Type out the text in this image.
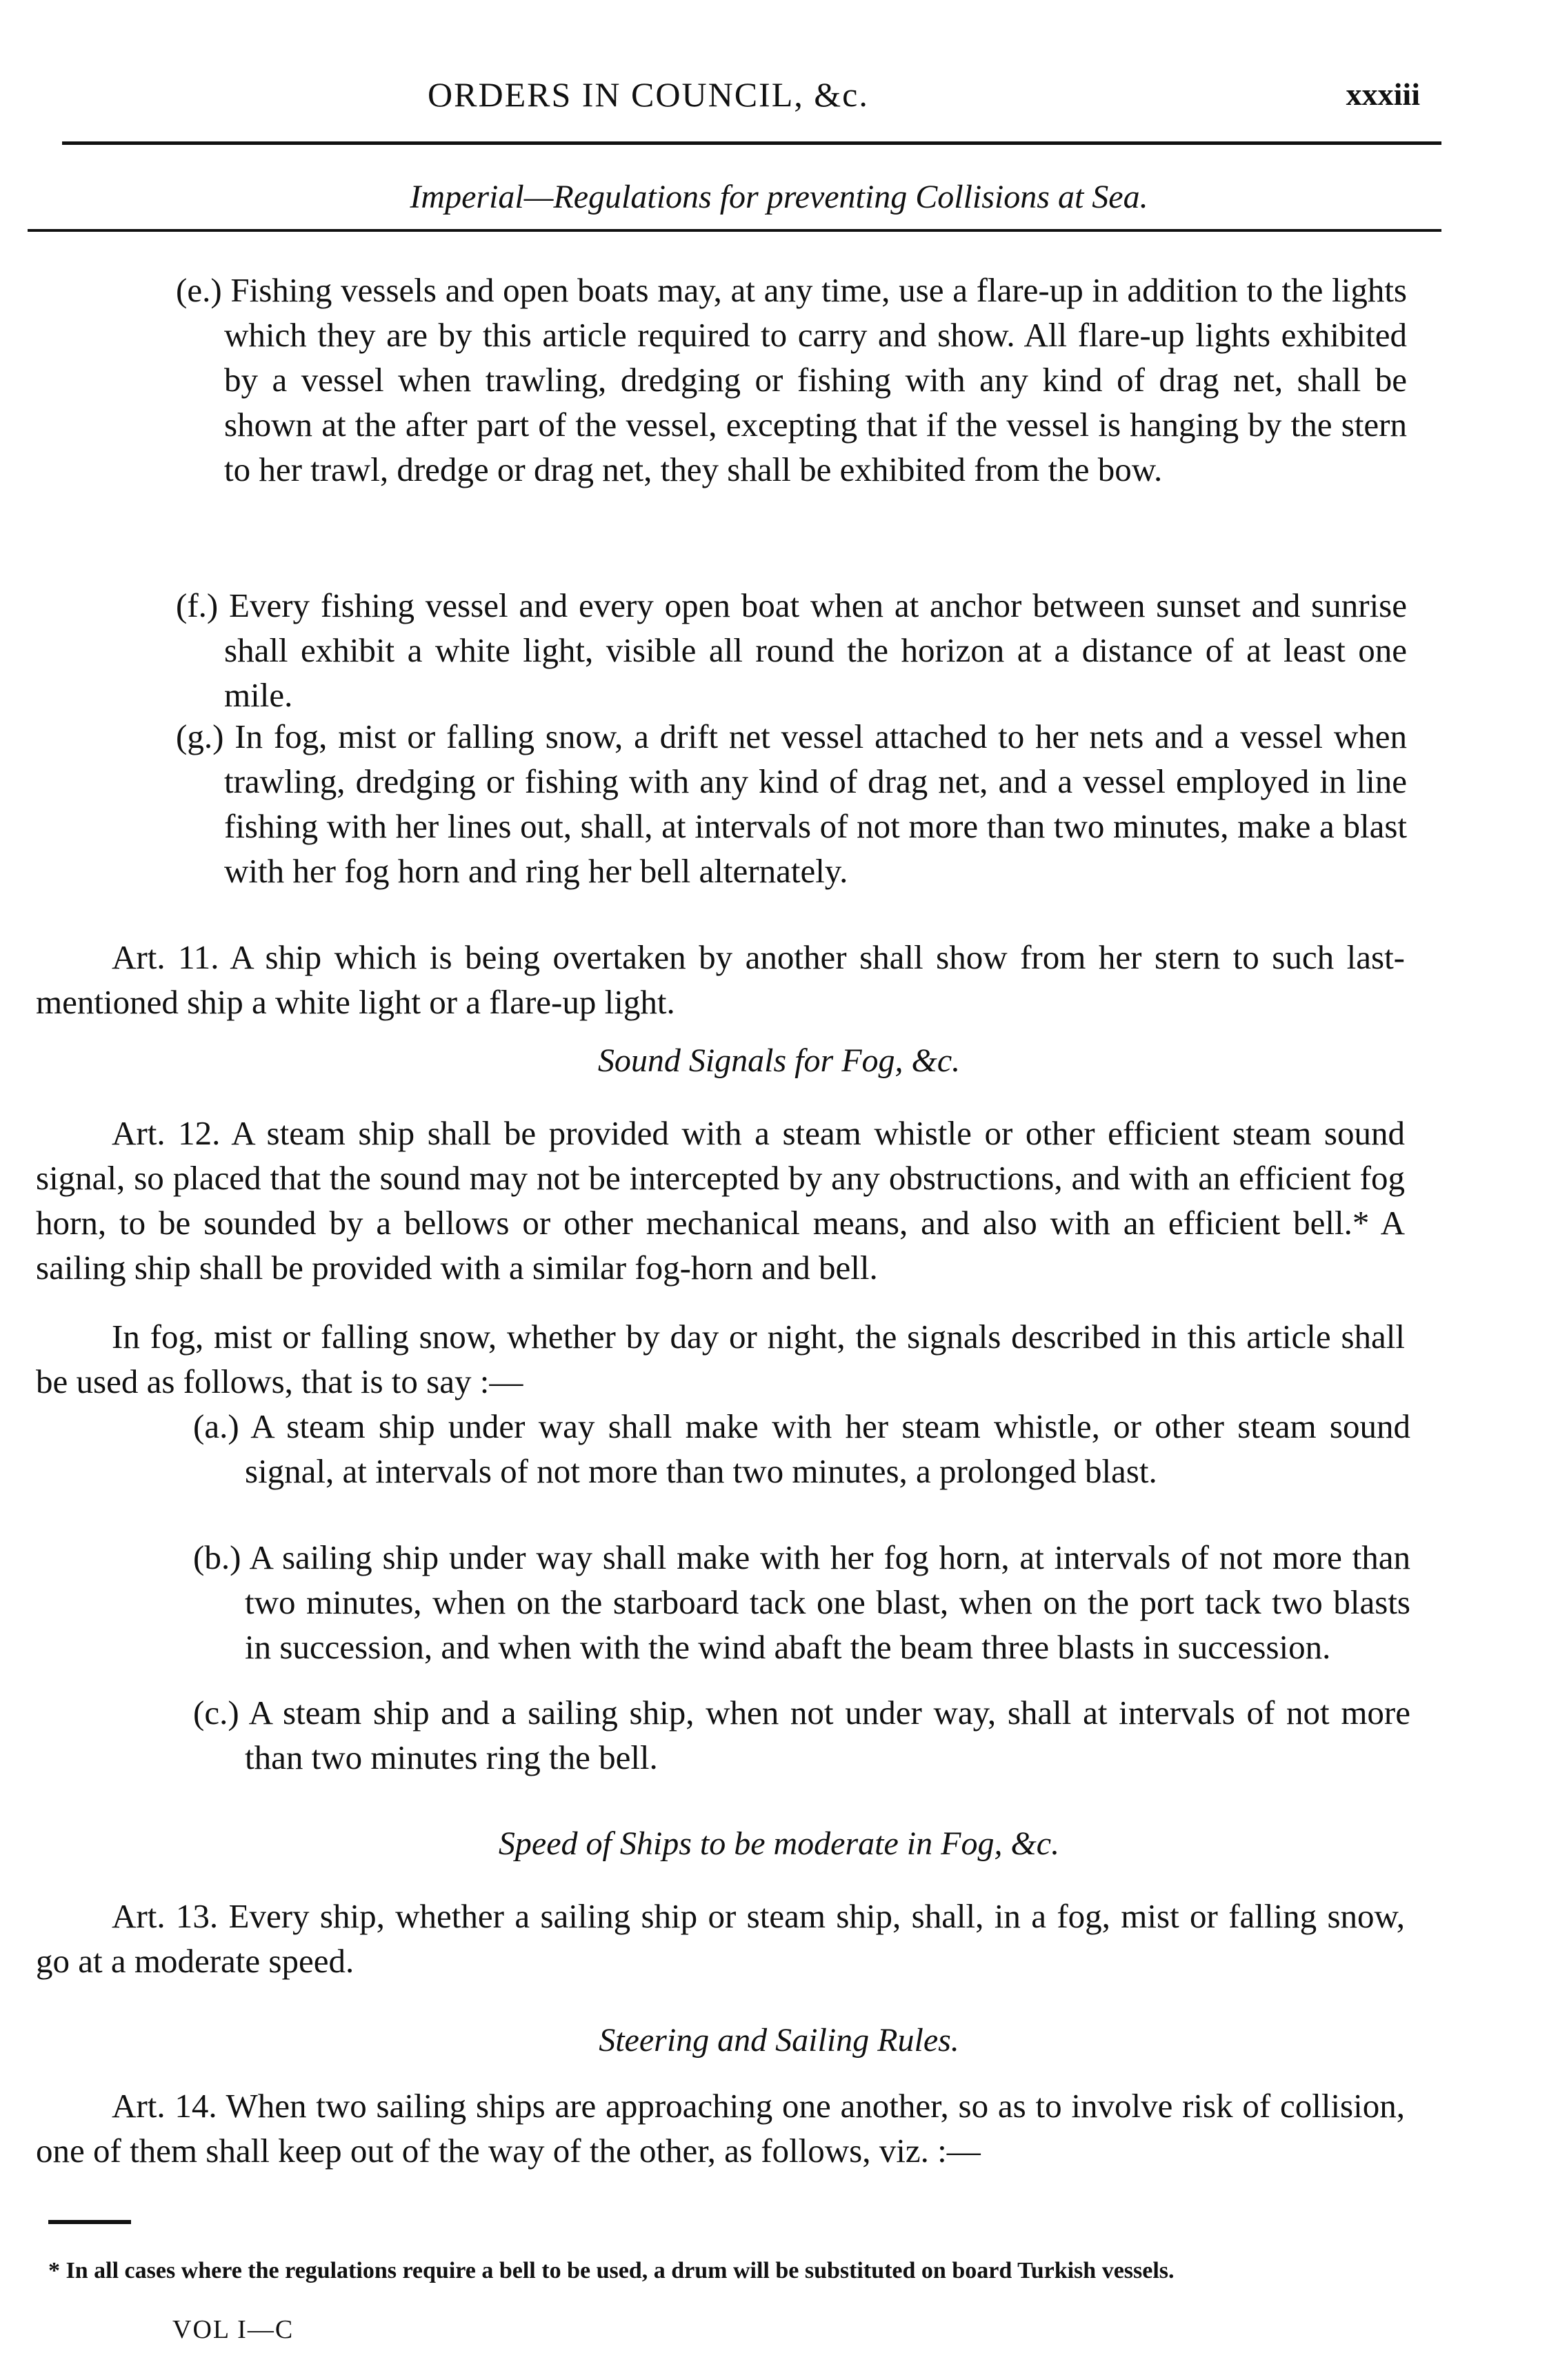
ORDERS IN COUNCIL, &c.	xxxiii
Imperial—Regulations for preventing Collisions at Sea.

(e.) Fishing vessels and open boats may, at any time, use a flare-up in addition to the lights which they are by this article required to carry and show. All flare-up lights exhibited by a vessel when trawling, dredging or fishing with any kind of drag net, shall be shown at the after part of the vessel, excepting that if the vessel is hanging by the stern to her trawl, dredge or drag net, they shall be exhibited from the bow.

(f.) Every fishing vessel and every open boat when at anchor between sunset and sunrise shall exhibit a white light, visible all round the horizon at a distance of at least one mile.

(g.) In fog, mist or falling snow, a drift net vessel attached to her nets and a vessel when trawling, dredging or fishing with any kind of drag net, and a vessel employed in line fishing with her lines out, shall, at intervals of not more than two minutes, make a blast with her fog horn and ring her bell alternately.

Art. 11. A ship which is being overtaken by another shall show from her stern to such last-mentioned ship a white light or a flare-up light.

Sound Signals for Fog, &c.

Art. 12. A steam ship shall be provided with a steam whistle or other efficient steam sound signal, so placed that the sound may not be intercepted by any obstructions, and with an efficient fog horn, to be sounded by a bellows or other mechanical means, and also with an efficient bell.* A sailing ship shall be provided with a similar fog-horn and bell.

In fog, mist or falling snow, whether by day or night, the signals described in this article shall be used as follows, that is to say :—

(a.) A steam ship under way shall make with her steam whistle, or other steam sound signal, at intervals of not more than two minutes, a prolonged blast.

(b.) A sailing ship under way shall make with her fog horn, at intervals of not more than two minutes, when on the starboard tack one blast, when on the port tack two blasts in succession, and when with the wind abaft the beam three blasts in succession.

(c.) A steam ship and a sailing ship, when not under way, shall at intervals of not more than two minutes ring the bell.

Speed of Ships to be moderate in Fog, &c.

Art. 13. Every ship, whether a sailing ship or steam ship, shall, in a fog, mist or falling snow, go at a moderate speed.

Steering and Sailing Rules.

Art. 14. When two sailing ships are approaching one another, so as to involve risk of collision, one of them shall keep out of the way of the other, as follows, viz. :—

* In all cases where the regulations require a bell to be used, a drum will be substituted on board Turkish vessels.

VOL I—C
